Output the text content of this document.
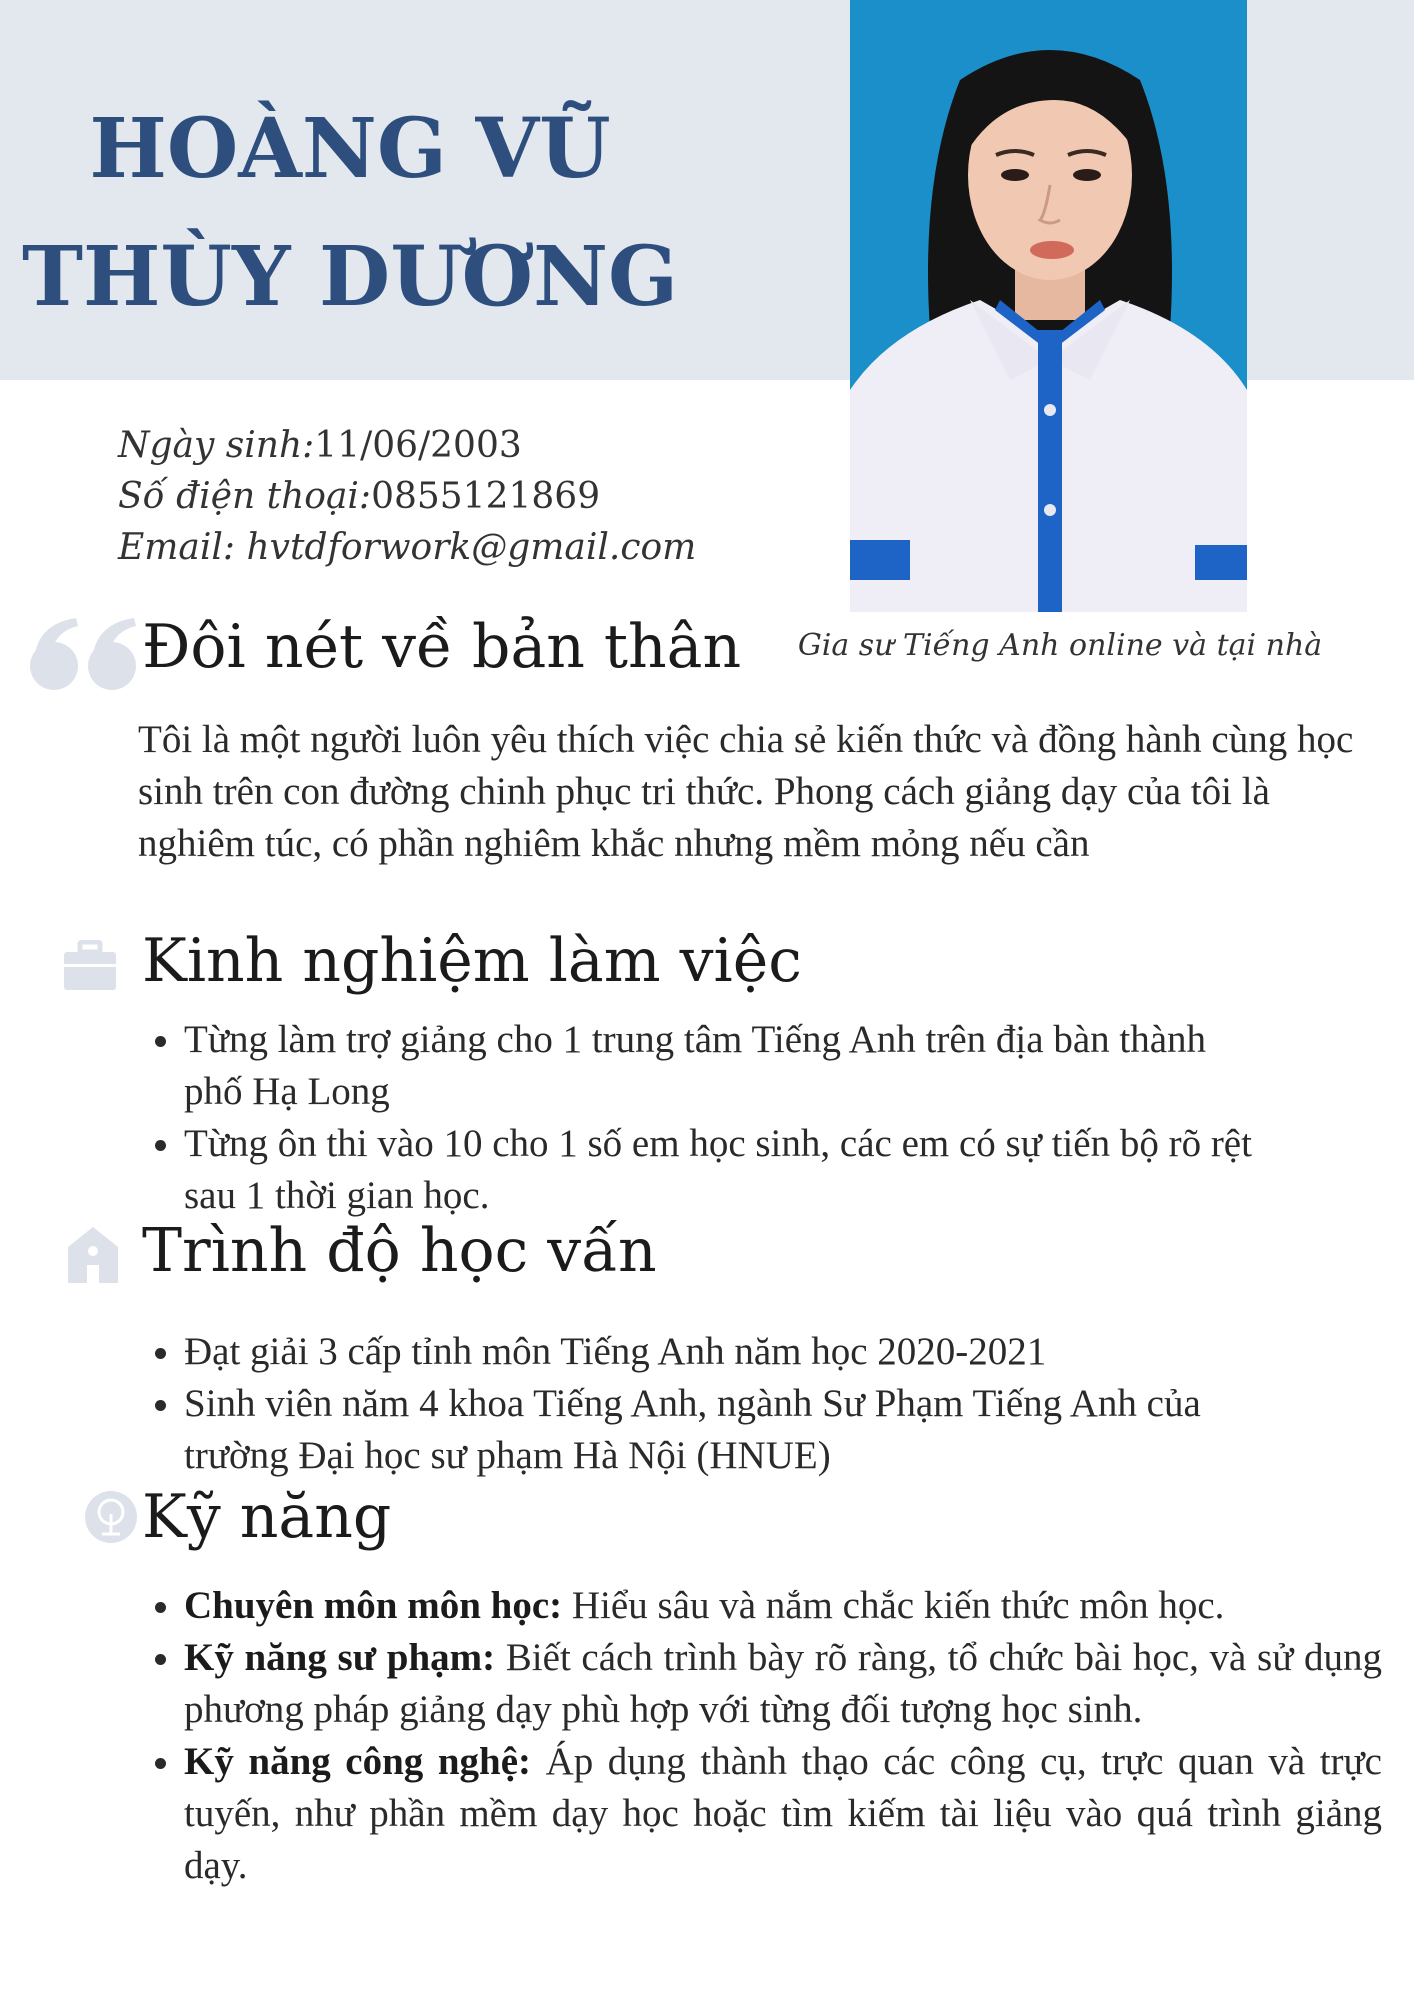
HOÀNG VŨ
THÙY DƯƠNG
Gia sư Tiếng Anh online và tại nhà
Ngày sinh:11/06/2003
Số điện thoại:0855121869
Email: hvtdforwork@gmail.com
Đôi nét về bản thân
Tôi là một người luôn yêu thích việc chia sẻ kiến thức và đồng hành cùng học sinh trên con đường chinh phục tri thức. Phong cách giảng dạy của tôi là nghiêm túc, có phần nghiêm khắc nhưng mềm mỏng nếu cần
Kinh nghiệm làm việc
• Từng làm trợ giảng cho 1 trung tâm Tiếng Anh trên địa bàn thành phố Hạ Long
• Từng ôn thi vào 10 cho 1 số em học sinh, các em có sự tiến bộ rõ rệt sau 1 thời gian học.
Trình độ học vấn
• Đạt giải 3 cấp tỉnh môn Tiếng Anh năm học 2020-2021
• Sinh viên năm 4 khoa Tiếng Anh, ngành Sư Phạm Tiếng Anh của trường Đại học sư phạm Hà Nội (HNUE)
Kỹ năng
• Chuyên môn môn học: Hiểu sâu và nắm chắc kiến thức môn học.
• Kỹ năng sư phạm: Biết cách trình bày rõ ràng, tổ chức bài học, và sử dụng phương pháp giảng dạy phù hợp với từng đối tượng học sinh.
• Kỹ năng công nghệ: Áp dụng thành thạo các công cụ, trực quan và trực tuyến, như phần mềm dạy học hoặc tìm kiếm tài liệu vào quá trình giảng dạy.
